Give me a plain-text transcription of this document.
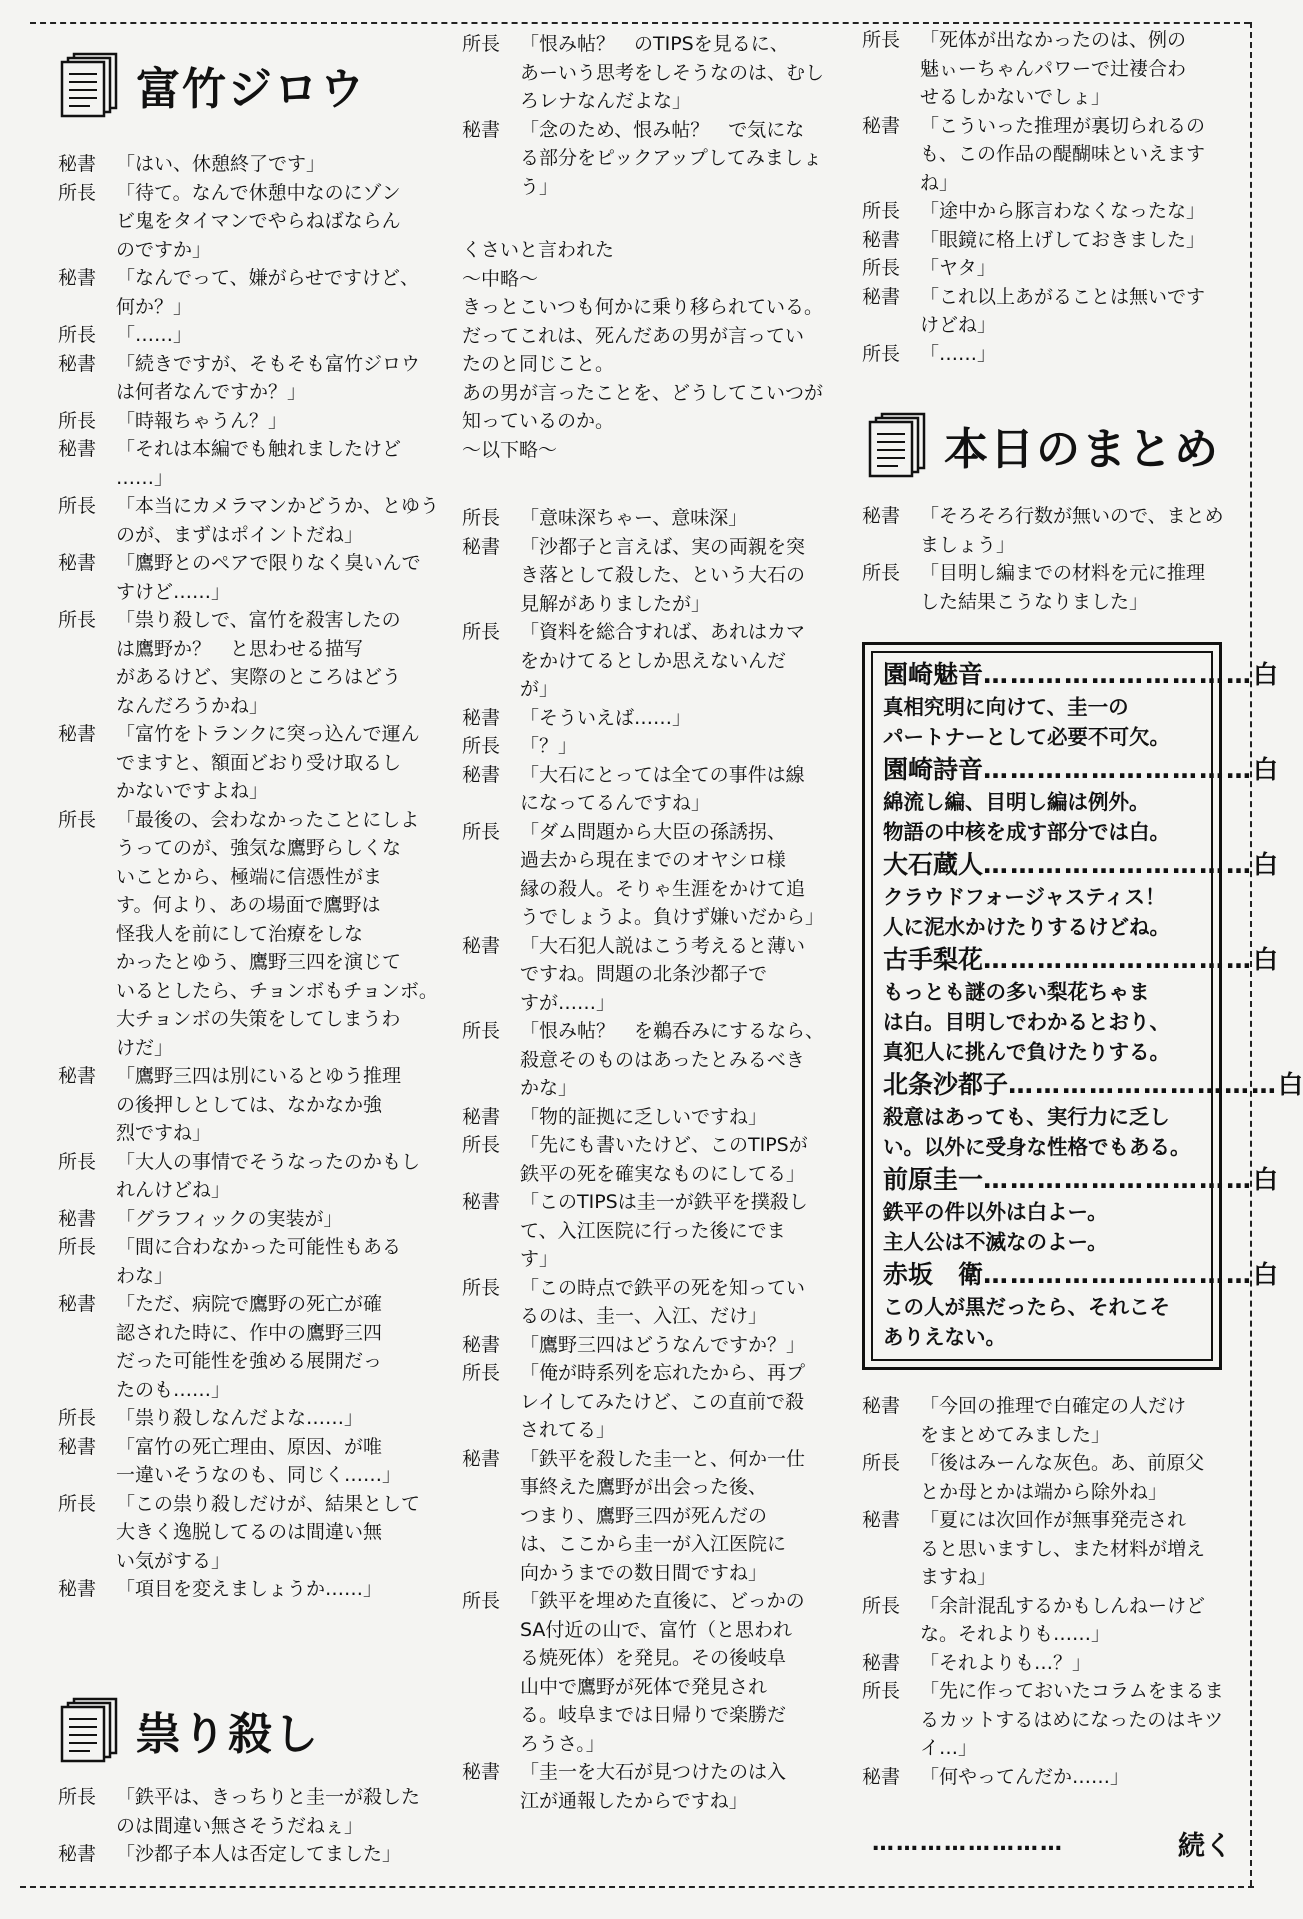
富竹ジロウ
秘書	「はい、休憩終了です」
所長	「待て。なんで休憩中なのにゾン
ビ鬼をタイマンでやらねばならん
のですか」
秘書	「なんでって、嫌がらせですけど、
何か？」
所長	「……」
秘書	「続きですが、そもそも富竹ジロウ
は何者なんですか？」
所長	「時報ちゃうん？」
秘書	「それは本編でも触れましたけど
……」
所長	「本当にカメラマンかどうか、とゆう
のが、まずはポイントだね」
秘書	「鷹野とのペアで限りなく臭いんで
すけど……」
所長	「祟り殺しで、富竹を殺害したの
は鷹野か？　と思わせる描写
があるけど、実際のところはどう
なんだろうかね」
秘書	「富竹をトランクに突っ込んで運ん
でますと、額面どおり受け取るし
かないですよね」
所長	「最後の、会わなかったことにしよ
うってのが、強気な鷹野らしくな
いことから、極端に信憑性がま
す。何より、あの場面で鷹野は
怪我人を前にして治療をしな
かったとゆう、鷹野三四を演じて
いるとしたら、チョンボもチョンボ。
大チョンボの失策をしてしまうわ
けだ」
秘書	「鷹野三四は別にいるとゆう推理
の後押しとしては、なかなか強
烈ですね」
所長	「大人の事情でそうなったのかもし
れんけどね」
秘書	「グラフィックの実装が」
所長	「間に合わなかった可能性もある
わな」
秘書	「ただ、病院で鷹野の死亡が確
認された時に、作中の鷹野三四
だった可能性を強める展開だっ
たのも……」
所長	「祟り殺しなんだよな……」
秘書	「富竹の死亡理由、原因、が唯
一違いそうなのも、同じく……」
所長	「この祟り殺しだけが、結果として
大きく逸脱してるのは間違い無
い気がする」
秘書	「項目を変えましょうか……」
祟り殺し
所長	「鉄平は、きっちりと圭一が殺した
のは間違い無さそうだねぇ」
秘書	「沙都子本人は否定してました」
所長	「恨み帖？　のTIPSを見るに、
あーいう思考をしそうなのは、むし
ろレナなんだよな」
秘書	「念のため、恨み帖？　で気にな
る部分をピックアップしてみましょ
う」
くさいと言われた
～中略～
きっとこいつも何かに乗り移られている。
だってこれは、死んだあの男が言ってい
たのと同じこと。
あの男が言ったことを、どうしてこいつが
知っているのか。
～以下略～
所長	「意味深ちゃー、意味深」
秘書	「沙都子と言えば、実の両親を突
き落として殺した、という大石の
見解がありましたが」
所長	「資料を総合すれば、あれはカマ
をかけてるとしか思えないんだ
が」
秘書	「そういえば……」
所長	「？」
秘書	「大石にとっては全ての事件は線
になってるんですね」
所長	「ダム問題から大臣の孫誘拐、
過去から現在までのオヤシロ様
縁の殺人。そりゃ生涯をかけて追
うでしょうよ。負けず嫌いだから」
秘書	「大石犯人説はこう考えると薄い
ですね。問題の北条沙都子で
すが……」
所長	「恨み帖？　を鵜呑みにするなら、
殺意そのものはあったとみるべき
かな」
秘書	「物的証拠に乏しいですね」
所長	「先にも書いたけど、このTIPSが
鉄平の死を確実なものにしてる」
秘書	「このTIPSは圭一が鉄平を撲殺し
て、入江医院に行った後にでま
す」
所長	「この時点で鉄平の死を知ってい
るのは、圭一、入江、だけ」
秘書	「鷹野三四はどうなんですか？」
所長	「俺が時系列を忘れたから、再プ
レイしてみたけど、この直前で殺
されてる」
秘書	「鉄平を殺した圭一と、何か一仕
事終えた鷹野が出会った後、
つまり、鷹野三四が死んだの
は、ここから圭一が入江医院に
向かうまでの数日間ですね」
所長	「鉄平を埋めた直後に、どっかの
SA付近の山で、富竹（と思われ
る焼死体）を発見。その後岐阜
山中で鷹野が死体で発見され
る。岐阜までは日帰りで楽勝だ
ろうさ。」
秘書	「圭一を大石が見つけたのは入
江が通報したからですね」
所長	「死体が出なかったのは、例の
魅ぃーちゃんパワーで辻褄合わ
せるしかないでしょ」
秘書	「こういった推理が裏切られるの
も、この作品の醍醐味といえます
ね」
所長	「途中から豚言わなくなったな」
秘書	「眼鏡に格上げしておきました」
所長	「ヤタ」
秘書	「これ以上あがることは無いです
けどね」
所長	「……」
本日のまとめ
秘書	「そろそろ行数が無いので、まとめ
ましょう」
所長	「目明し編までの材料を元に推理
した結果こうなりました」
園崎魅音 ………………………… 白
真相究明に向けて、圭一の
パートナーとして必要不可欠。
園崎詩音 ………………………… 白
綿流し編、目明し編は例外。
物語の中核を成す部分では白。
大石蔵人 ………………………… 白
クラウドフォージャスティス！
人に泥水かけたりするけどね。
古手梨花 ………………………… 白
もっとも謎の多い梨花ちゃま
は白。目明しでわかるとおり、
真犯人に挑んで負けたりする。
北条沙都子 ………………………… 白
殺意はあっても、実行力に乏し
い。以外に受身な性格でもある。
前原圭一 ………………………… 白
鉄平の件以外は白よー。
主人公は不滅なのよー。
赤坂　衛 ………………………… 白
この人が黒だったら、それこそ
ありえない。
秘書	「今回の推理で白確定の人だけ
をまとめてみました」
所長	「後はみーんな灰色。あ、前原父
とか母とかは端から除外ね」
秘書	「夏には次回作が無事発売され
ると思いますし、また材料が増え
ますね」
所長	「余計混乱するかもしんねーけど
な。それよりも……」
秘書	「それよりも…？」
所長	「先に作っておいたコラムをまるま
るカットするはめになったのはキツ
イ…」
秘書	「何やってんだか……」
……………………	続く
